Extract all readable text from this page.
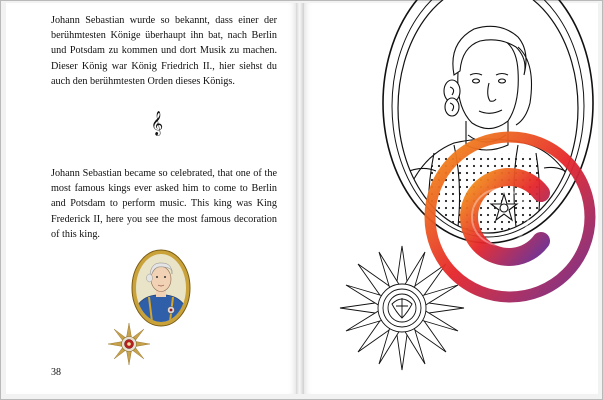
Johann Sebastian wurde so bekannt, dass einer der berühmtesten Könige überhaupt ihn bat, nach Berlin und Potsdam zu kommen und dort Musik zu machen. Dieser König war König Friedrich II., hier siehst du auch den berühmtesten Orden dieses Königs.

𝄞

Johann Sebastian became so celebrated, that one of the most famous kings ever asked him to come to Berlin and Potsdam to perform music. This king was King Frederick II, here you see the most famous decoration of this king.

38
